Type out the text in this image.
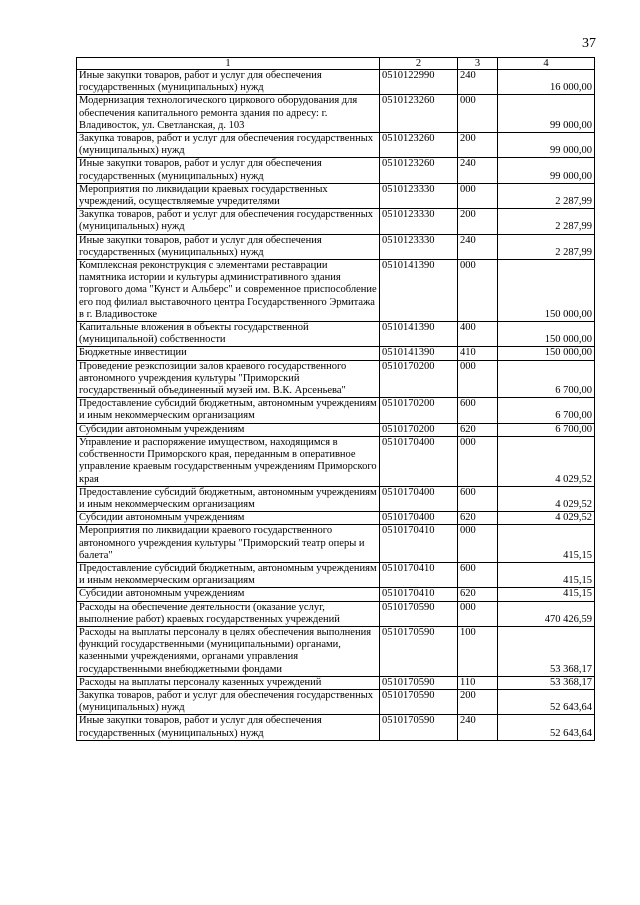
37
1	2	3	4
Иные закупки товаров, работ и услуг для обеспечения государственных (муниципальных) нужд	0510122990	240	16 000,00
Модернизация технологического циркового оборудования для обеспечения капитального ремонта здания по адресу: г. Владивосток, ул. Светланская, д. 103	0510123260	000	99 000,00
Закупка товаров, работ и услуг для обеспечения государственных (муниципальных) нужд	0510123260	200	99 000,00
Иные закупки товаров, работ и услуг для обеспечения государственных (муниципальных) нужд	0510123260	240	99 000,00
Мероприятия по ликвидации краевых государственных учреждений, осуществляемые учредителями	0510123330	000	2 287,99
Закупка товаров, работ и услуг для обеспечения государственных (муниципальных) нужд	0510123330	200	2 287,99
Иные закупки товаров, работ и услуг для обеспечения государственных (муниципальных) нужд	0510123330	240	2 287,99
Комплексная реконструкция с элементами реставрации памятника истории и культуры административного здания торгового дома "Кунст и Альберс" и современное приспособление его под филиал выставочного центра Государственного Эрмитажа в г. Владивостоке	0510141390	000	150 000,00
Капитальные вложения в объекты государственной (муниципальной) собственности	0510141390	400	150 000,00
Бюджетные инвестиции	0510141390	410	150 000,00
Проведение реэкспозиции залов краевого государственного автономного учреждения культуры "Приморский государственный объединенный музей им. В.К. Арсеньева"	0510170200	000	6 700,00
Предоставление субсидий бюджетным, автономным учреждениям и иным некоммерческим организациям	0510170200	600	6 700,00
Субсидии автономным учреждениям	0510170200	620	6 700,00
Управление и распоряжение имуществом, находящимся в собственности Приморского края, переданным в оперативное управление краевым государственным учреждениям Приморского края	0510170400	000	4 029,52
Предоставление субсидий бюджетным, автономным учреждениям и иным некоммерческим организациям	0510170400	600	4 029,52
Субсидии автономным учреждениям	0510170400	620	4 029,52
Мероприятия по ликвидации краевого государственного автономного учреждения культуры "Приморский театр оперы и балета"	0510170410	000	415,15
Предоставление субсидий бюджетным, автономным учреждениям и иным некоммерческим организациям	0510170410	600	415,15
Субсидии автономным учреждениям	0510170410	620	415,15
Расходы на обеспечение деятельности (оказание услуг, выполнение работ) краевых государственных учреждений	0510170590	000	470 426,59
Расходы на выплаты персоналу в целях обеспечения выполнения функций государственными (муниципальными) органами, казенными учреждениями, органами управления государственными внебюджетными фондами	0510170590	100	53 368,17
Расходы на выплаты персоналу казенных учреждений	0510170590	110	53 368,17
Закупка товаров, работ и услуг для обеспечения государственных (муниципальных) нужд	0510170590	200	52 643,64
Иные закупки товаров, работ и услуг для обеспечения государственных (муниципальных) нужд	0510170590	240	52 643,64
